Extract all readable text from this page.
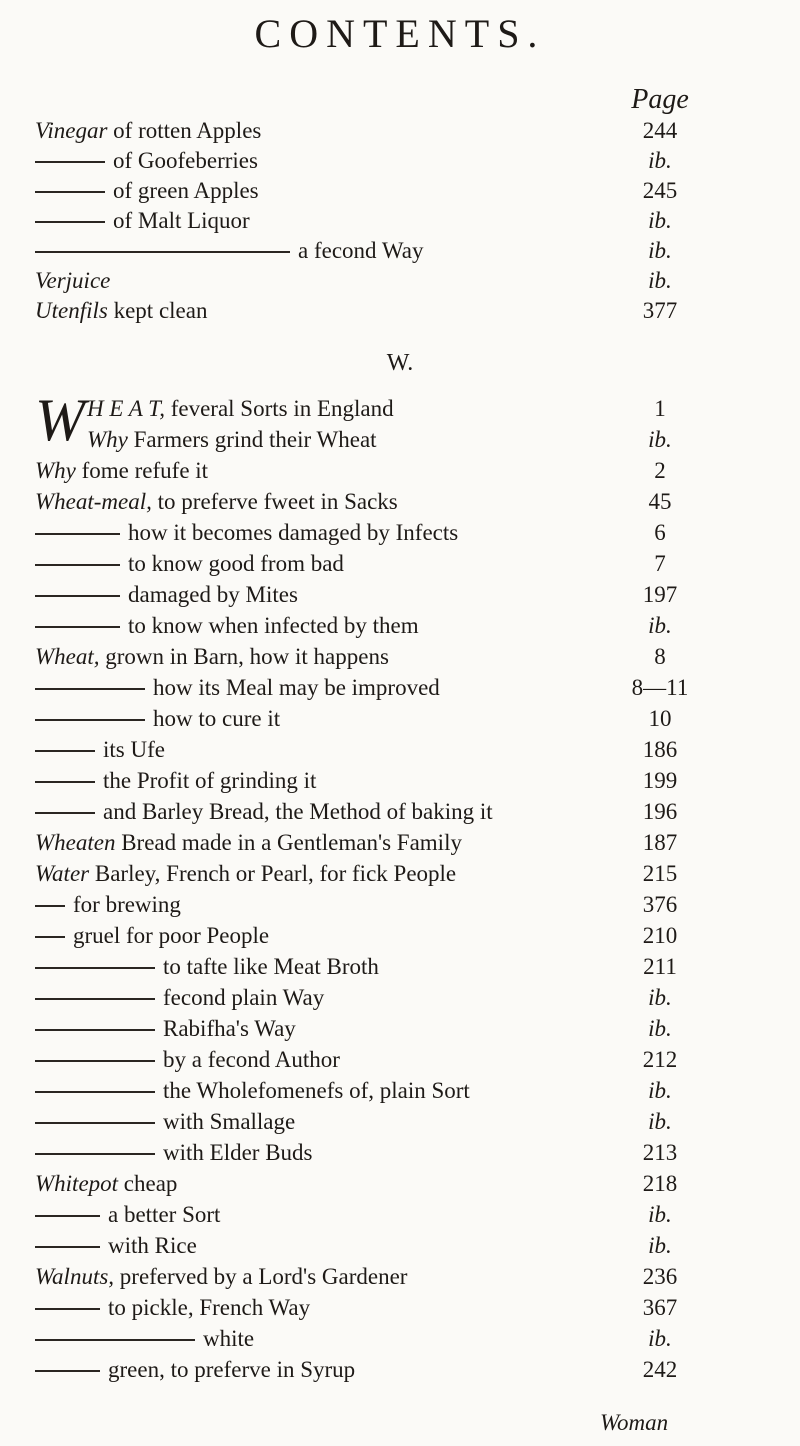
CONTENTS.
Page
Vinegar of rotten Apples	244
of Goofeberries	ib.
of green Apples	245
of Malt Liquor	ib.
a fecond Way	ib.
Verjuice	ib.
Utenfils kept clean	377
W.
W H E A T, feveral Sorts in England	1
Why Farmers grind their Wheat	ib.
Why fome refufe it	2
Wheat-meal, to preferve fweet in Sacks	45
how it becomes damaged by Infects	6
to know good from bad	7
damaged by Mites	197
to know when infected by them	ib.
Wheat, grown in Barn, how it happens	8
how its Meal may be improved	8—11
how to cure it	10
its Ufe	186
the Profit of grinding it	199
and Barley Bread, the Method of baking it	196
Wheaten Bread made in a Gentleman's Family	187
Water Barley, French or Pearl, for fick People	215
for brewing	376
gruel for poor People	210
to tafte like Meat Broth	211
fecond plain Way	ib.
Rabifha's Way	ib.
by a fecond Author	212
the Wholefomenefs of, plain Sort	ib.
with Smallage	ib.
with Elder Buds	213
Whitepot cheap	218
a better Sort	ib.
with Rice	ib.
Walnuts, preferved by a Lord's Gardener	236
to pickle, French Way	367
white	ib.
green, to preferve in Syrup	242
Woman
